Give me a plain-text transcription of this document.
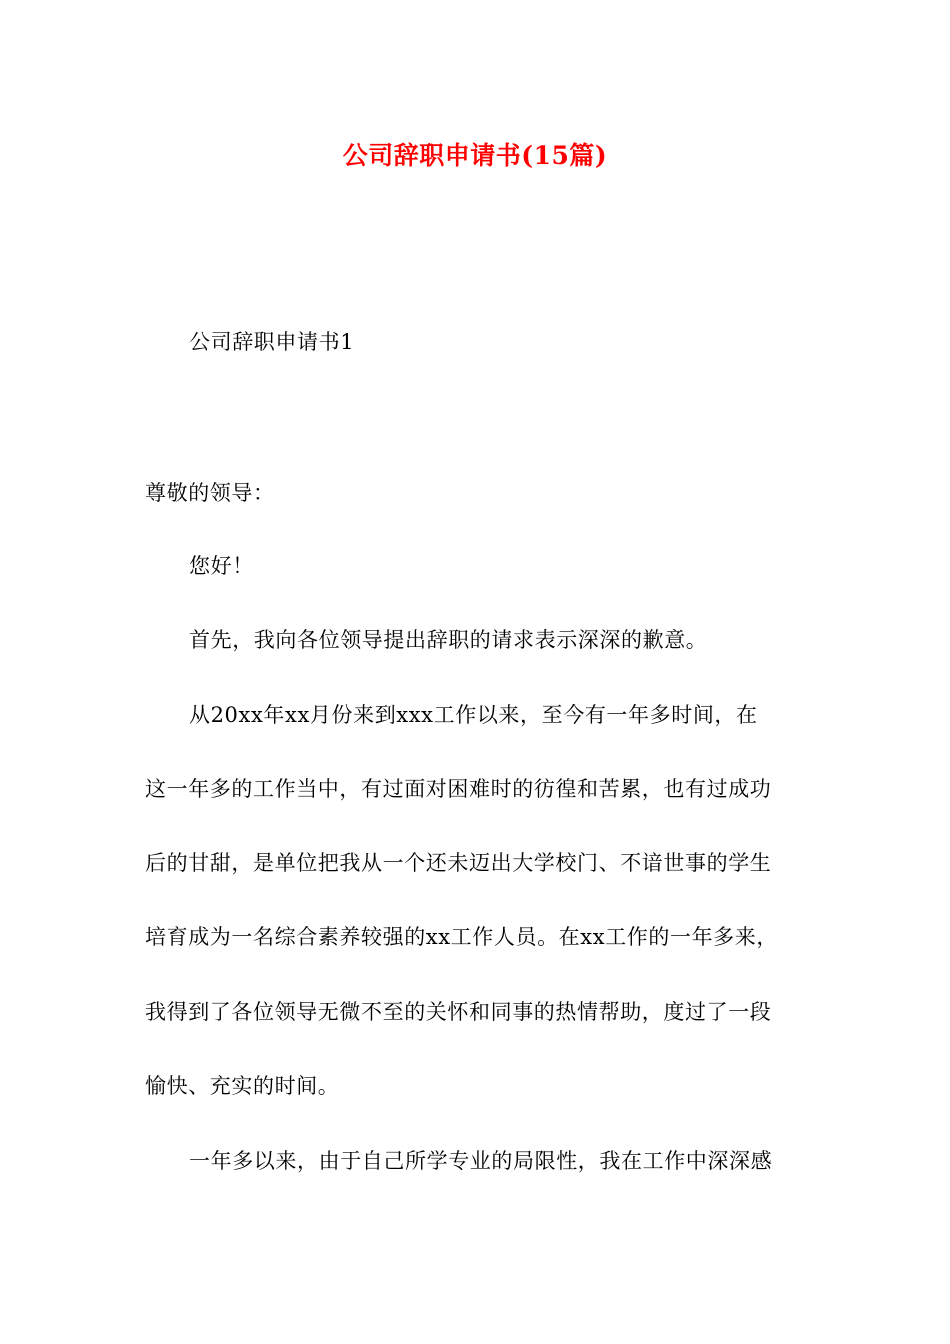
公司辞职申请书(15篇)
公司辞职申请书1
尊敬的领导：
您好！
首先，我向各位领导提出辞职的请求表示深深的歉意。
从20xx年xx月份来到xxx工作以来，至今有一年多时间，在
这一年多的工作当中，有过面对困难时的彷徨和苦累，也有过成功
后的甘甜，是单位把我从一个还未迈出大学校门、不谙世事的学生
培育成为一名综合素养较强的xx工作人员。在xx工作的一年多来，
我得到了各位领导无微不至的关怀和同事的热情帮助，度过了一段
愉快、充实的时间。
一年多以来，由于自己所学专业的局限性，我在工作中深深感
